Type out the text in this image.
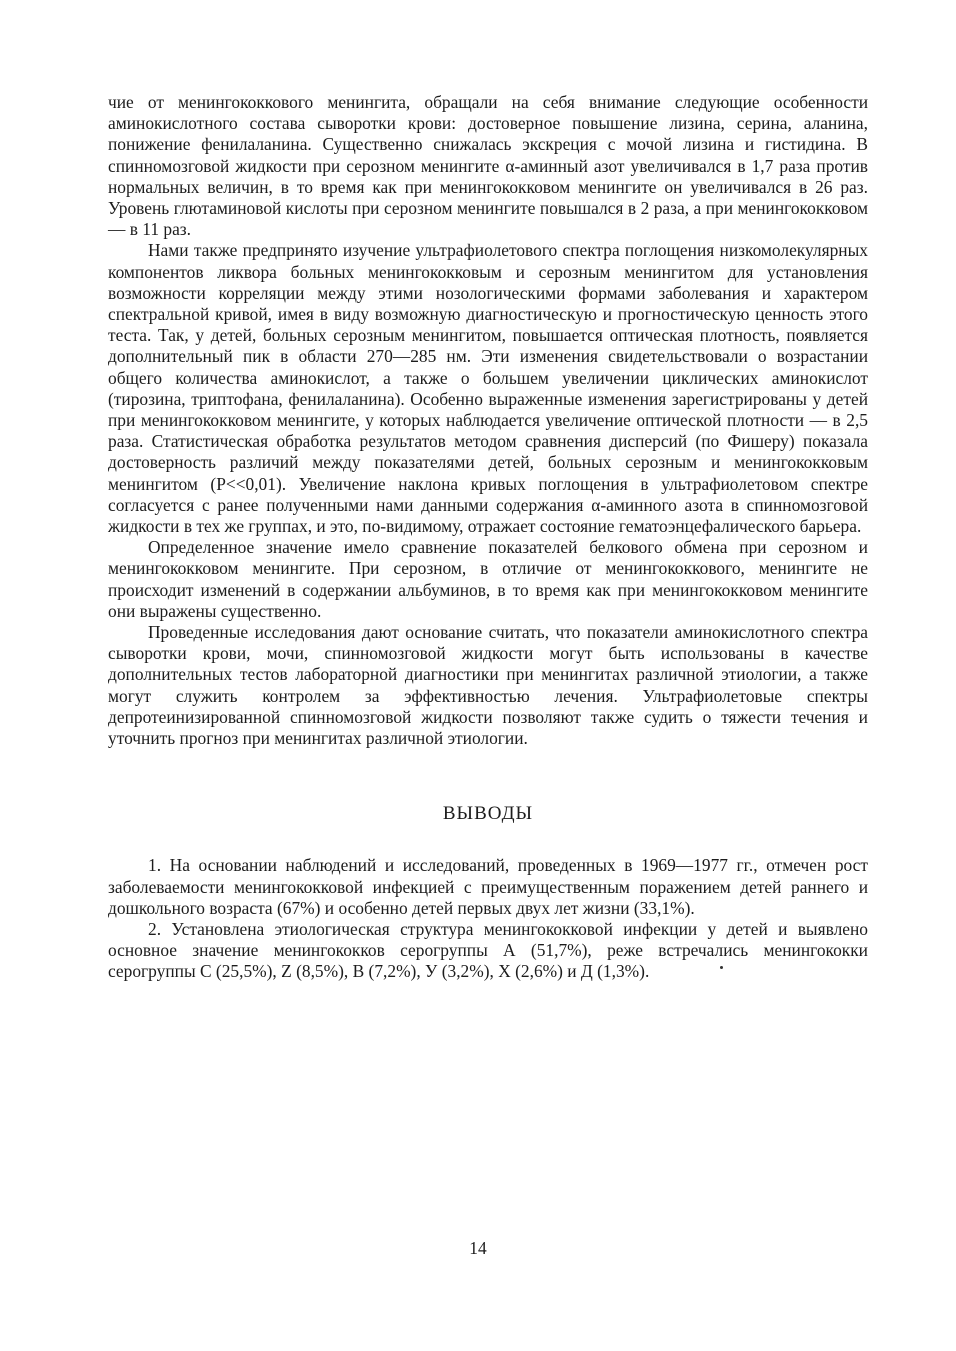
чие от менингококкового менингита, обращали на себя внимание следующие особенности аминокислотного состава сыворотки крови: достоверное повышение лизина, серина, аланина, понижение фенилаланина. Существенно снижалась экскреция с мочой лизина и гистидина. В спинномозговой жидкости при серозном менингите α-аминный азот увеличивался в 1,7 раза против нормальных величин, в то время как при менингококковом менингите он увеличивался в 26 раз. Уровень глютаминовой кислоты при серозном менингите повышался в 2 раза, а при менингококковом — в 11 раз.

Нами также предпринято изучение ультрафиолетового спектра поглощения низкомолекулярных компонентов ликвора больных менингококковым и серозным менингитом для установления возможности корреляции между этими нозологическими формами заболевания и характером спектральной кривой, имея в виду возможную диагностическую и прогностическую ценность этого теста. Так, у детей, больных серозным менингитом, повышается оптическая плотность, появляется дополнительный пик в области 270—285 нм. Эти изменения свидетельствовали о возрастании общего количества аминокислот, а также о большем увеличении циклических аминокислот (тирозина, триптофана, фенилаланина). Особенно выраженные изменения зарегистрированы у детей при менингококковом менингите, у которых наблюдается увеличение оптической плотности — в 2,5 раза. Статистическая обработка результатов методом сравнения дисперсий (по Фишеру) показала достоверность различий между показателями детей, больных серозным и менингококковым менингитом (P<<0,01). Увеличение наклона кривых поглощения в ультрафиолетовом спектре согласуется с ранее полученными нами данными содержания α-аминного азота в спинномозговой жидкости в тех же группах, и это, по-видимому, отражает состояние гематоэнцефалического барьера.

Определенное значение имело сравнение показателей белкового обмена при серозном и менингококковом менингите. При серозном, в отличие от менингококкового, менингите не происходит изменений в содержании альбуминов, в то время как при менингококковом менингите они выражены существенно.

Проведенные исследования дают основание считать, что показатели аминокислотного спектра сыворотки крови, мочи, спинномозговой жидкости могут быть использованы в качестве дополнительных тестов лабораторной диагностики при менингитах различной этиологии, а также могут служить контролем за эффективностью лечения. Ультрафиолетовые спектры депротеинизированной спинномозговой жидкости позволяют также судить о тяжести течения и уточнить прогноз при менингитах различной этиологии.

ВЫВОДЫ

1. На основании наблюдений и исследований, проведенных в 1969—1977 гг., отмечен рост заболеваемости менингококковой инфекцией с преимущественным поражением детей раннего и дошкольного возраста (67%) и особенно детей первых двух лет жизни (33,1%).

2. Установлена этиологическая структура менингококковой инфекции у детей и выявлено основное значение менингококков серогруппы А (51,7%), реже встречались менингококки серогруппы С (25,5%), Z (8,5%), В (7,2%), У (3,2%), Х (2,6%) и Д (1,3%).

14
